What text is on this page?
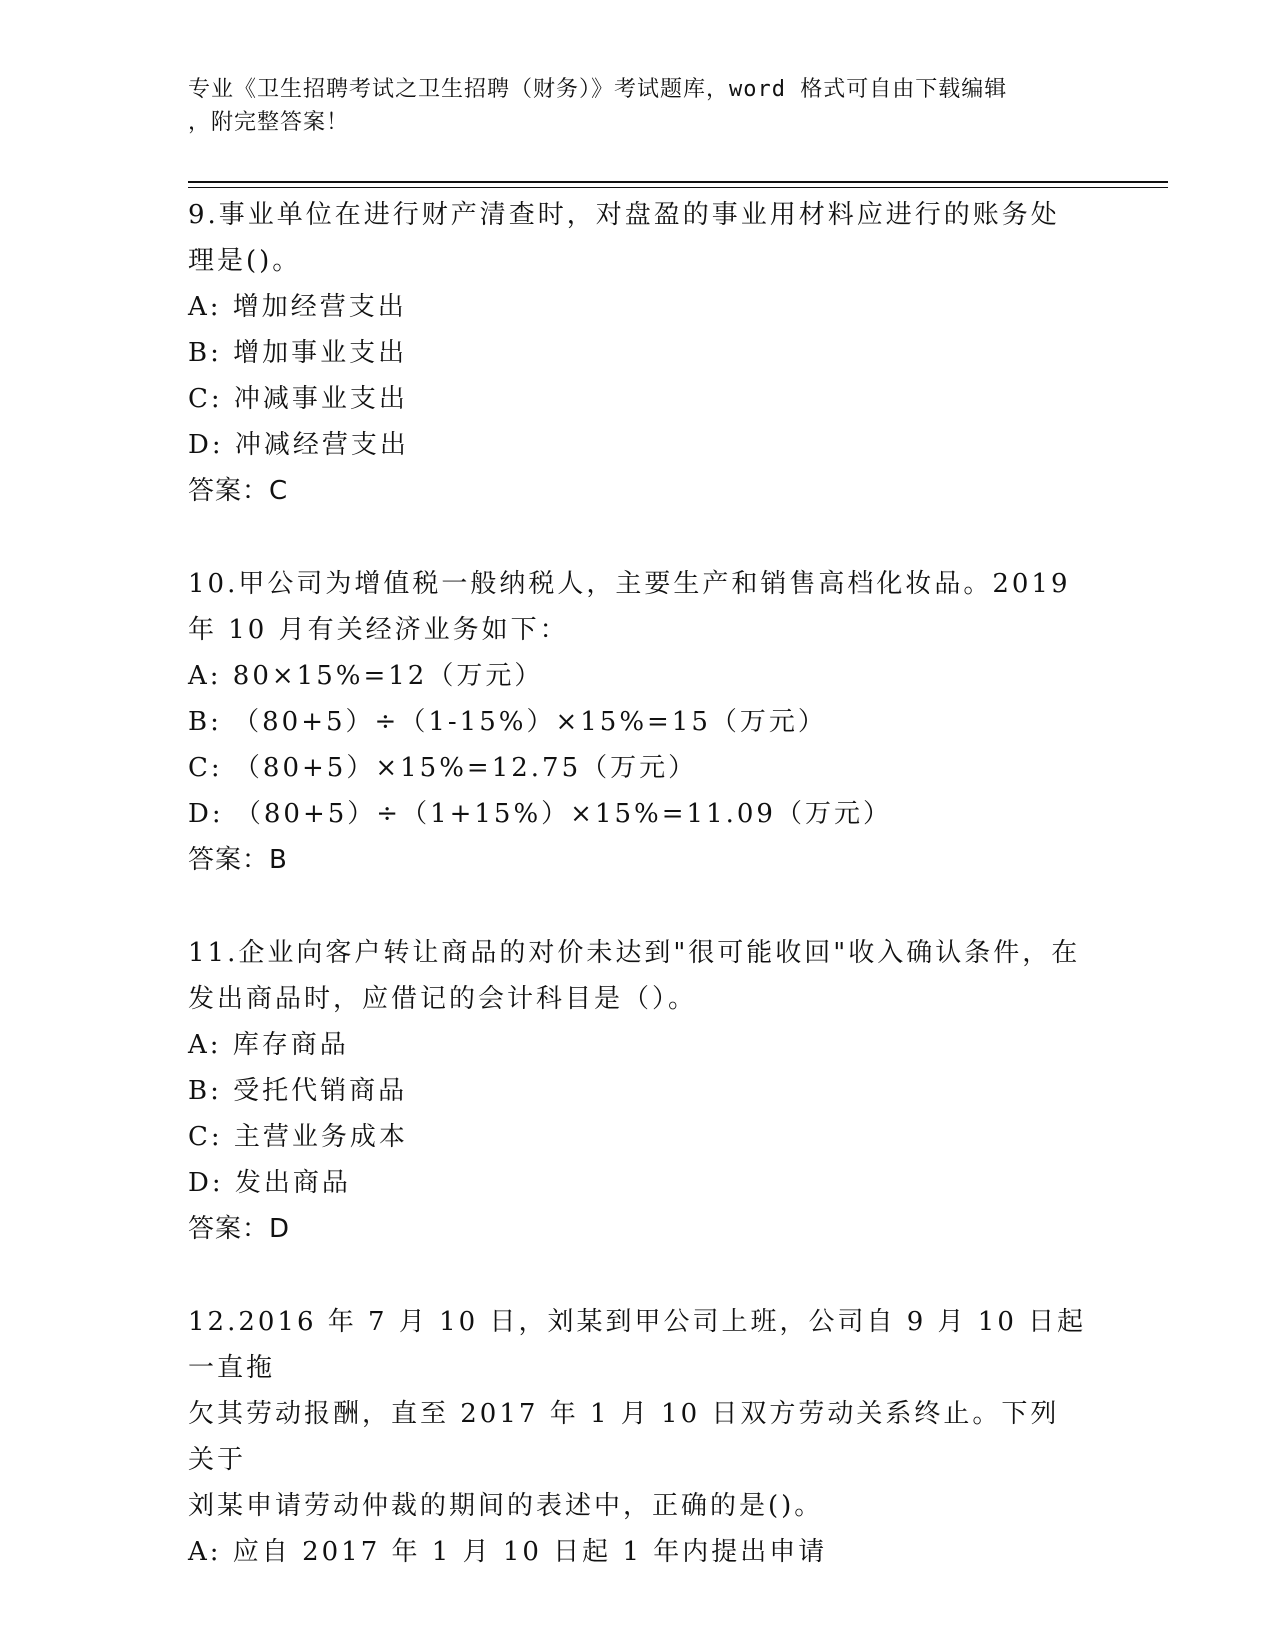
专业《卫生招聘考试之卫生招聘（财务）》考试题库，word 格式可自由下载编辑
，附完整答案！

9.事业单位在进行财产清查时，对盘盈的事业用材料应进行的账务处

理是()。

A: 增加经营支出

B: 增加事业支出

C: 冲减事业支出

D: 冲减经营支出

答案：C

10.甲公司为增值税一般纳税人，主要生产和销售高档化妆品。2019

年 10 月有关经济业务如下：

A: 80×15%=12（万元）

B: （80+5）÷（1-15%）×15%=15（万元）

C: （80+5）×15%=12.75（万元）

D: （80+5）÷（1+15%）×15%=11.09（万元）

答案：B

11.企业向客户转让商品的对价未达到"很可能收回"收入确认条件，在

发出商品时，应借记的会计科目是（）。

A: 库存商品

B: 受托代销商品

C: 主营业务成本

D: 发出商品

答案：D

12.2016 年 7 月 10 日，刘某到甲公司上班，公司自 9 月 10 日起一直拖

欠其劳动报酬，直至 2017 年 1 月 10 日双方劳动关系终止。下列关于

刘某申请劳动仲裁的期间的表述中，正确的是()。

A: 应自 2017 年 1 月 10 日起 1 年内提出申请
